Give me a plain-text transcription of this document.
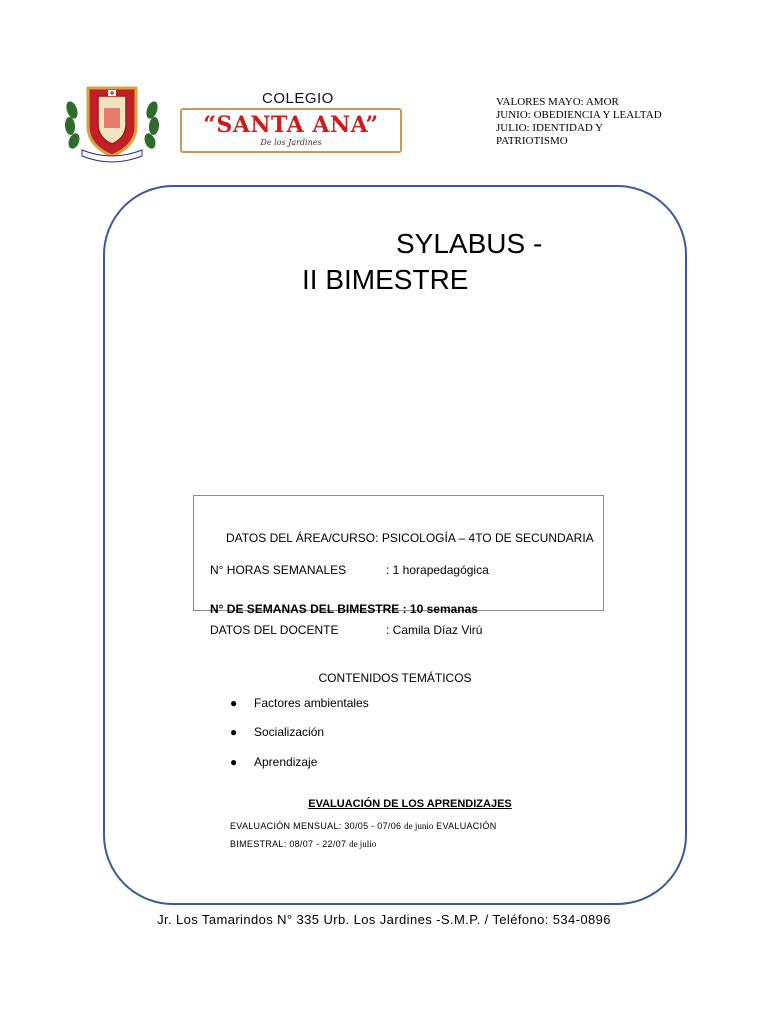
COLEGIO
“SANTA ANA”
De los Jardines
VALORES MAYO: AMOR
JUNIO: OBEDIENCIA Y LEALTAD
JULIO: IDENTIDAD Y
PATRIOTISMO
SYLABUS -
II BIMESTRE
DATOS DEL ÁREA/CURSO: PSICOLOGÍA – 4TO DE SECUNDARIA
N° HORAS SEMANALES	: 1 horapedagógica
N° DE SEMANAS DEL BIMESTRE : 10 semanas
DATOS DEL DOCENTE	: Camila Díaz Virú
CONTENIDOS TEMÁTICOS
● Factores ambientales
● Socialización
● Aprendizaje
EVALUACIÓN DE LOS APRENDIZAJES
EVALUACIÓN MENSUAL: 30/05 - 07/06 de junio EVALUACIÓN
BIMESTRAL: 08/07 - 22/07 de julio
Jr. Los Tamarindos N° 335 Urb. Los Jardines -S.M.P. / Teléfono: 534-0896
